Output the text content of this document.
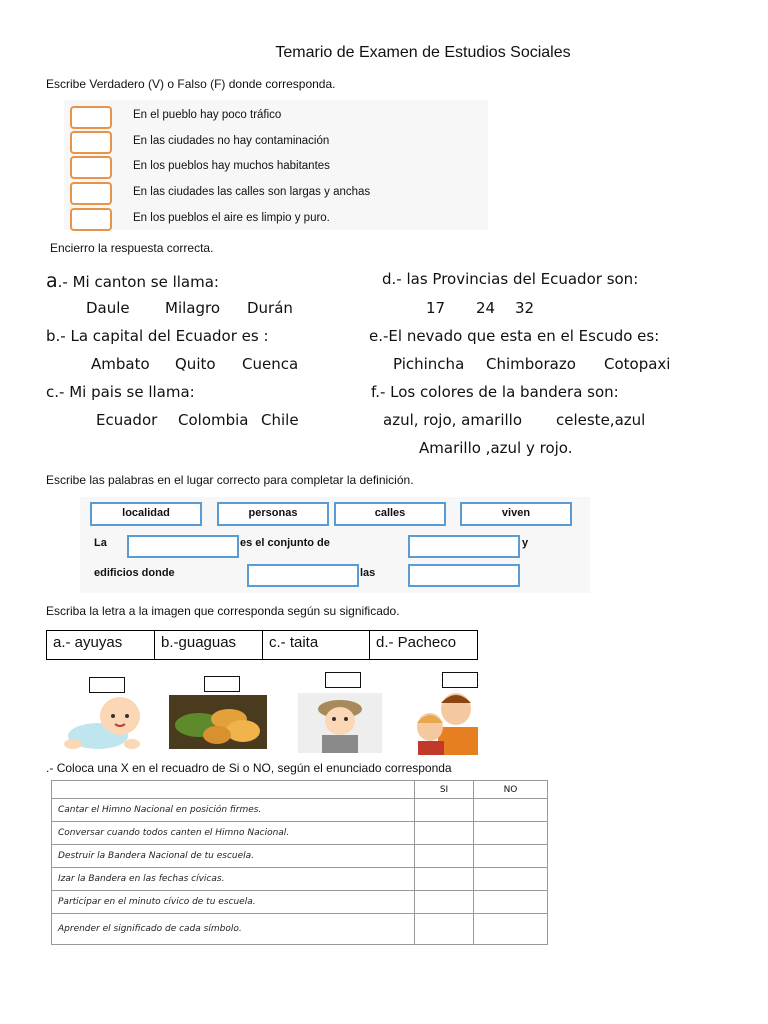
Temario de Examen de Estudios Sociales
Escribe Verdadero (V) o Falso (F) donde corresponda.
En el pueblo hay poco tráfico
En las ciudades no hay contaminación
En los pueblos hay muchos habitantes
En las ciudades las calles son largas y anchas
En los pueblos el aire es limpio y puro.
Encierro la respuesta correcta.
a.- Mi canton se llama:
Daule Milagro Durán
b.- La capital del Ecuador es :
Ambato Quito Cuenca
c.- Mi pais se llama:
Ecuador Colombia Chile
d.- las Provincias del Ecuador son:
17 24 32
e.-El nevado que esta en el Escudo es:
Pichincha Chimborazo Cotopaxi
f.- Los colores de la bandera son:
azul, rojo, amarillo celeste,azul
Amarillo ,azul y rojo.
Escribe las palabras en el lugar correcto para completar la definición.
localidad	personas	calles	viven
La	es el conjunto de	y
edificios donde	las
Escriba la letra a la imagen que corresponda según su significado.
a.- ayuyas	b.-guaguas	c.- taita	d.- Pacheco
.- Coloca una X en el recuadro de Si o NO, según el enunciado corresponda
	SI	NO
Cantar el Himno Nacional en posición firmes.		
Conversar cuando todos canten el Himno Nacional.		
Destruir la Bandera Nacional de tu escuela.		
Izar la Bandera en las fechas cívicas.		
Participar en el minuto cívico de tu escuela.		
Aprender el significado de cada símbolo.		
